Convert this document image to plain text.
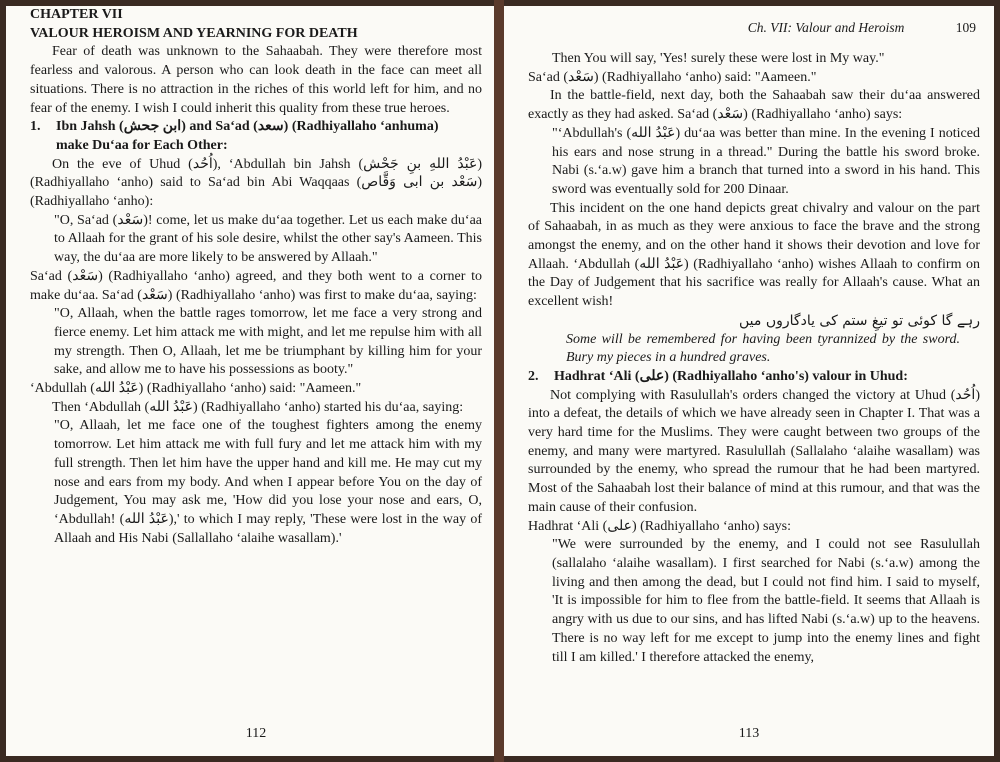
CHAPTER VII

VALOUR HEROISM AND YEARNING FOR DEATH

Fear of death was unknown to the Sahaabah. They were therefore most fearless and valorous. A person who can look death in the face can meet all situations. There is no attraction in the riches of this world left for him, and no fear of the enemy. I wish I could inherit this quality from these true heroes.

1. Ibn Jahsh (ابن جحش) and Sa‘ad (سعد) (Radhiyallaho ‘anhuma)

make Du‘aa for Each Other:

On the eve of Uhud (اُحُد), ‘Abdullah bin Jahsh (عَبْدُ اللهِ بنِ جَحْش) (Radhiyallaho ‘anho) said to Sa‘ad bin Abi Waqqaas (سَعْد بن ابی وَقَّاص) (Radhiyallaho ‘anho):

"O, Sa‘ad (سَعْد)! come, let us make du‘aa together. Let us each make du‘aa to Allaah for the grant of his sole desire, whilst the other say's Aameen. This way, the du‘aa are more likely to be answered by Allaah."

Sa‘ad (سَعْد) (Radhiyallaho ‘anho) agreed, and they both went to a corner to make du‘aa. Sa‘ad (سَعْد) (Radhiyallaho ‘anho) was first to make du‘aa, saying:

"O, Allaah, when the battle rages tomorrow, let me face a very strong and fierce enemy. Let him attack me with might, and let me repulse him with all my strength. Then O, Allaah, let me be triumphant by killing him for your sake, and allow me to have his possessions as booty."

‘Abdullah (عَبْدُ الله) (Radhiyallaho ‘anho) said: "Aameen."

Then ‘Abdullah (عَبْدُ الله) (Radhiyallaho ‘anho) started his du‘aa, saying:

"O, Allaah, let me face one of the toughest fighters among the enemy tomorrow. Let him attack me with full fury and let me attack him with my full strength. Then let him have the upper hand and kill me. He may cut my nose and ears from my body. And when I appear before You on the day of Judgement, You may ask me, 'How did you lose your nose and ears, O, ‘Abdullah! (عَبْدُ الله),' to which I may reply, 'These were lost in the way of Allaah and His Nabi (Sallallaho ‘alaihe wasallam).'

112
Ch. VII: Valour and Heroism	109

Then You will say, 'Yes! surely these were lost in My way."

Sa‘ad (سَعْد) (Radhiyallaho ‘anho) said: "Aameen."

In the battle-field, next day, both the Sahaabah saw their du‘aa answered exactly as they had asked. Sa‘ad (سَعْد) (Radhiyallaho ‘anho) says:

"‘Abdullah's (عَبْدُ الله) du‘aa was better than mine. In the evening I noticed his ears and nose strung in a thread." During the battle his sword broke. Nabi (s.‘a.w) gave him a branch that turned into a sword in his hand. This sword was eventually sold for 200 Dinaar.

This incident on the one hand depicts great chivalry and valour on the part of Sahaabah, in as much as they were anxious to face the brave and the strong amongst the enemy, and on the other hand it shows their devotion and love for Allaah. ‘Abdullah (عَبْدُ الله) (Radhiyallaho ‘anho) wishes Allaah to confirm on the Day of Judgement that his sacrifice was really for Allaah's cause. What an excellent wish!

رہے گا کوئی تو تیغِ ستم کی یادگاروں میں

Some will be remembered for having been tyrannized by the sword. Bury my pieces in a hundred graves.

2. Hadhrat ‘Ali (علی) (Radhiyallaho ‘anho's) valour in Uhud:

Not complying with Rasulullah's orders changed the victory at Uhud (اُحُد) into a defeat, the details of which we have already seen in Chapter I. That was a very hard time for the Muslims. They were caught between two groups of the enemy, and many were martyred. Rasulullah (Sallalaho ‘alaihe wasallam) was surrounded by the enemy, who spread the rumour that he had been martyred. Most of the Sahaabah lost their balance of mind at this rumour, and that was the main cause of their confusion.

Hadhrat ‘Ali (علی) (Radhiyallaho ‘anho) says:

"We were surrounded by the enemy, and I could not see Rasulullah (sallalaho ‘alaihe wasallam). I first searched for Nabi (s.‘a.w) among the living and then among the dead, but I could not find him. I said to myself, 'It is impossible for him to flee from the battle-field. It seems that Allaah is angry with us due to our sins, and has lifted Nabi (s.‘a.w) up to the heavens. There is no way left for me except to jump into the enemy lines and fight till I am killed.' I therefore attacked the enemy,

113
